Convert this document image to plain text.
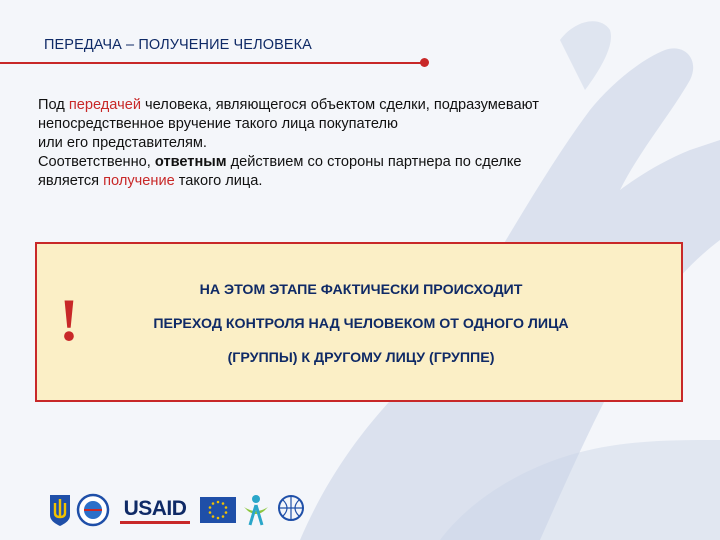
ПЕРЕДАЧА – ПОЛУЧЕНИЕ ЧЕЛОВЕКА

Под передачей человека, являющегося объектом сделки, подразумевают
непосредственное вручение такого лица покупателю
или его представителям.
Соответственно, ответным действием со стороны партнера по сделке
является получение такого лица.

!	НА ЭТОМ ЭТАПЕ ФАКТИЧЕСКИ ПРОИСХОДИТ

ПЕРЕХОД КОНТРОЛЯ НАД ЧЕЛОВЕКОМ ОТ ОДНОГО ЛИЦА

(ГРУППЫ) К ДРУГОМУ ЛИЦУ (ГРУППЕ)

USAID
